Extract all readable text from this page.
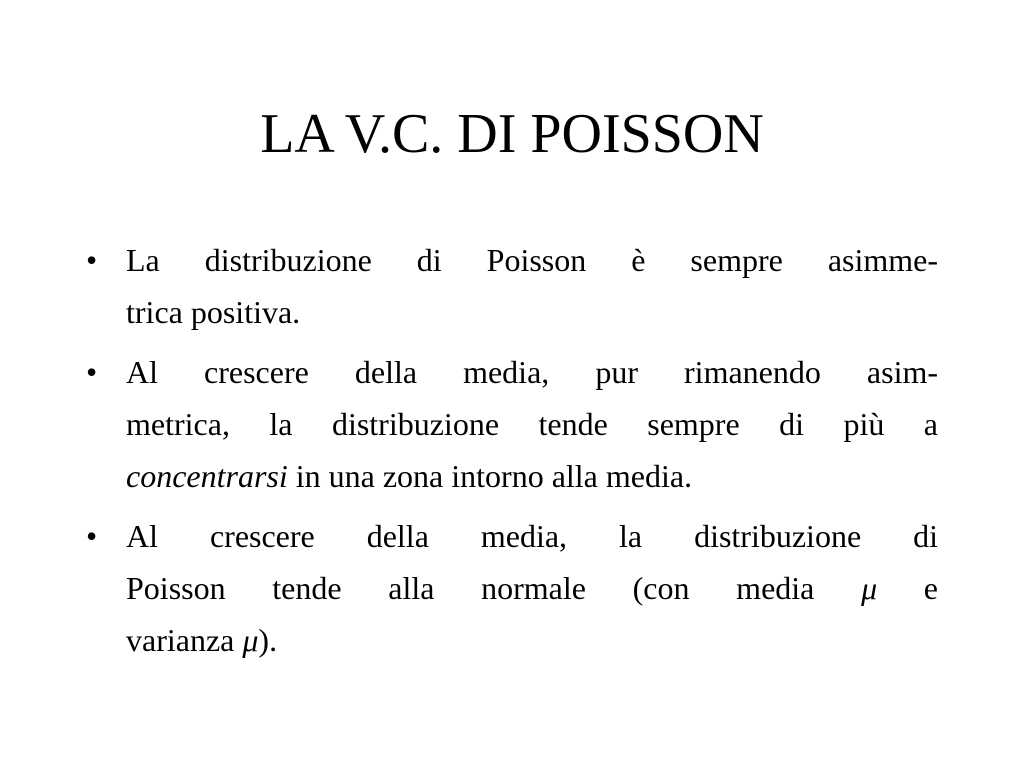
LA V.C. DI POISSON
• La distribuzione di Poisson è sempre asimme-
trica positiva.
• Al crescere della media, pur rimanendo asim-
metrica, la distribuzione tende sempre di più a
concentrarsi in una zona intorno alla media.
• Al crescere della media, la distribuzione di
Poisson tende alla normale (con media μ e
varianza μ).
